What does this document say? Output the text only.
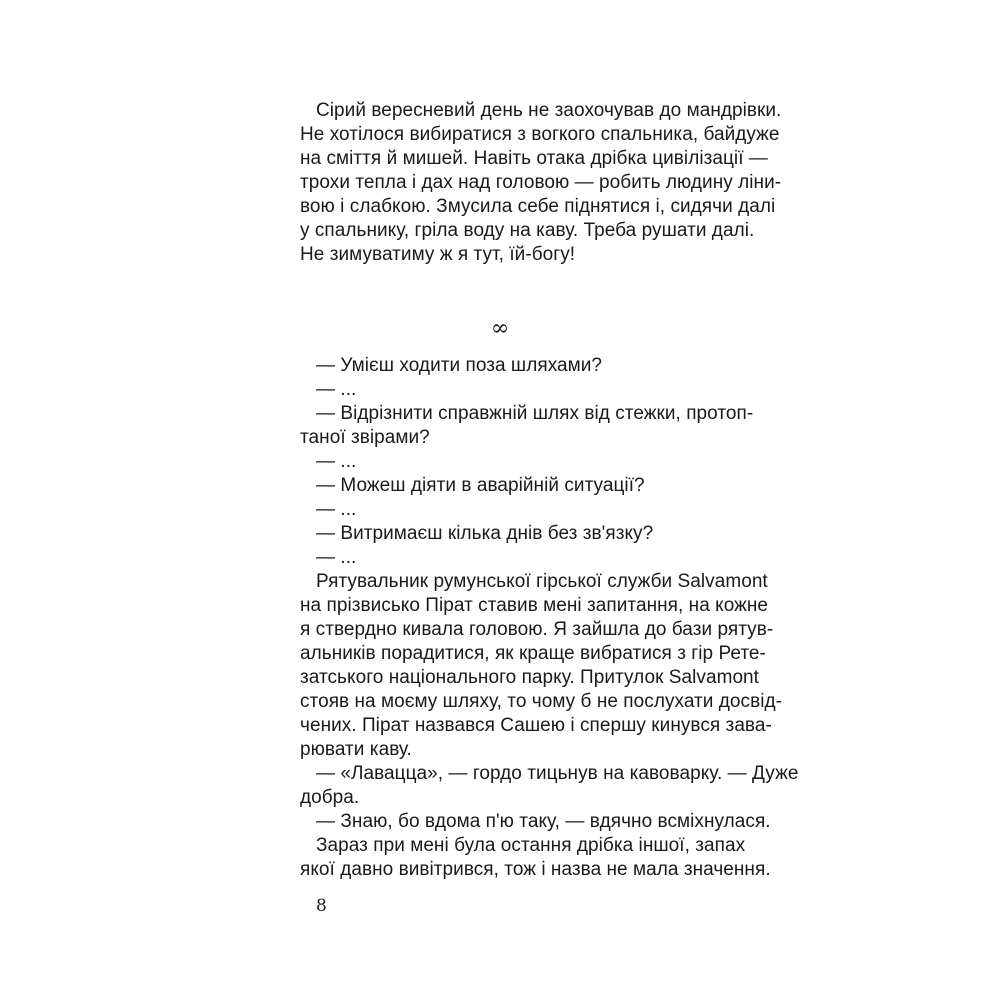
Сірий вересневий день не заохочував до мандрівки.
Не хотілося вибиратися з вогкого спальника, байдуже
на сміття й мишей. Навіть отака дрібка цивілізації —
трохи тепла і дах над головою — робить людину ліни-
вою і слабкою. Змусила себе піднятися і, сидячи далі
у спальнику, гріла воду на каву. Треба рушати далі.
Не зимуватиму ж я тут, їй-богу!
∞
— Умієш ходити поза шляхами?
— ...
— Відрізнити справжній шлях від стежки, протоп-
таної звірами?
— ...
— Можеш діяти в аварійній ситуації?
— ...
— Витримаєш кілька днів без зв'язку?
— ...
Рятувальник румунської гірської служби Salvamont
на прізвисько Пірат ставив мені запитання, на кожне
я ствердно кивала головою. Я зайшла до бази рятув-
альників порадитися, як краще вибратися з гір Рете-
затського національного парку. Притулок Salvamont
стояв на моєму шляху, то чому б не послухати досвід-
чених. Пірат назвався Сашею і спершу кинувся зава-
рювати каву.
— «Лавацца», — гордо тицьнув на кавоварку. — Дуже
добра.
— Знаю, бо вдома п'ю таку, — вдячно всміхнулася.
Зараз при мені була остання дрібка іншої, запах
якої давно вивітрився, тож і назва не мала значення.
8
